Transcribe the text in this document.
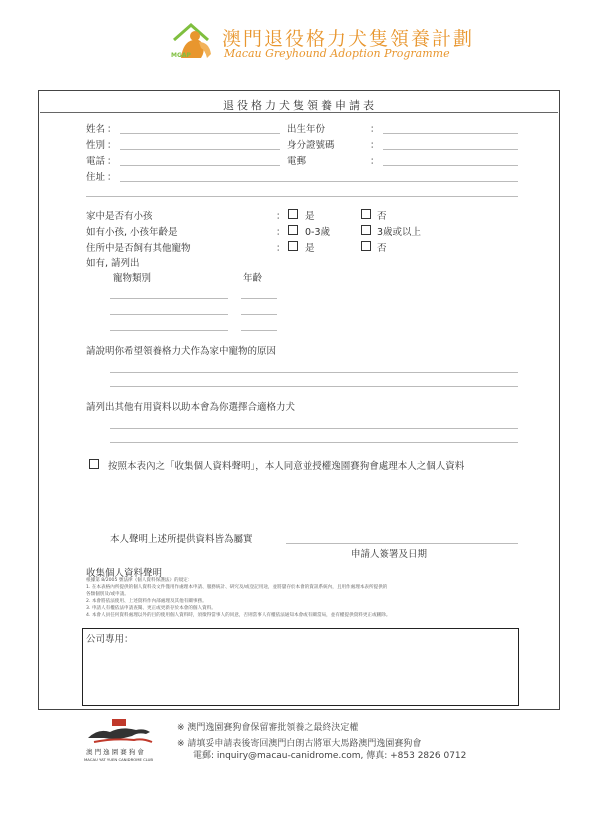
MGAP
澳門退役格力犬隻領養計劃
Macau Greyhound Adoption Programme
退役格力犬隻領養申請表
姓名 ：	出生年份	：
性別 ：	身分證號碼	：
電話 ：	電郵	：
住址 ：
家中是否有小孩	： 是	否
如有小孩, 小孩年齡是	： 0-3歲	3歲或以上
住所中是否飼有其他寵物	： 是	否
如有, 請列出
寵物類別	年齡
請說明你希望領養格力犬作為家中寵物的原因
請列出其他有用資料以助本會為你選擇合適格力犬
按照本表內之「收集個人資料聲明」，本人同意並授權逸園賽狗會處理本人之個人資料
本人聲明上述所提供資料皆為屬實
申請人簽署及日期
收集個人資料聲明
根據第 8/2005 號法律《個人資料保護法》的規定：
1. 在本表格內所提供的個人資料及文件僅用作處理本申請、服務統計、研究及/或登記用途，並將儲存於本會的資訊系統內，且用作處理本表所提供的
各類個別及/或申請。
2. 本會將依法使用、上述資料作內部處理及其他有關事務。
3. 申請人有權依法申請查閱、更正或更新存於本會的個人資料。
4. 本會人員任何資料處理以外的目的使用個人資料時，須徵得當事人的同意，否則當事人有權依法通知本會或有關當局，並有權提供資料更正或刪除。
公司專用：
澳 門 逸 園 賽 狗 會
MACAU YAT YUEN CANIDROME CLUB
※ 澳門逸園賽狗會保留審批領養之最終決定權
※ 請填妥申請表後寄回澳門白朗古將軍大馬路澳門逸園賽狗會
電郵: inquiry@macau-canidrome.com, 傳真: +853 2826 0712
